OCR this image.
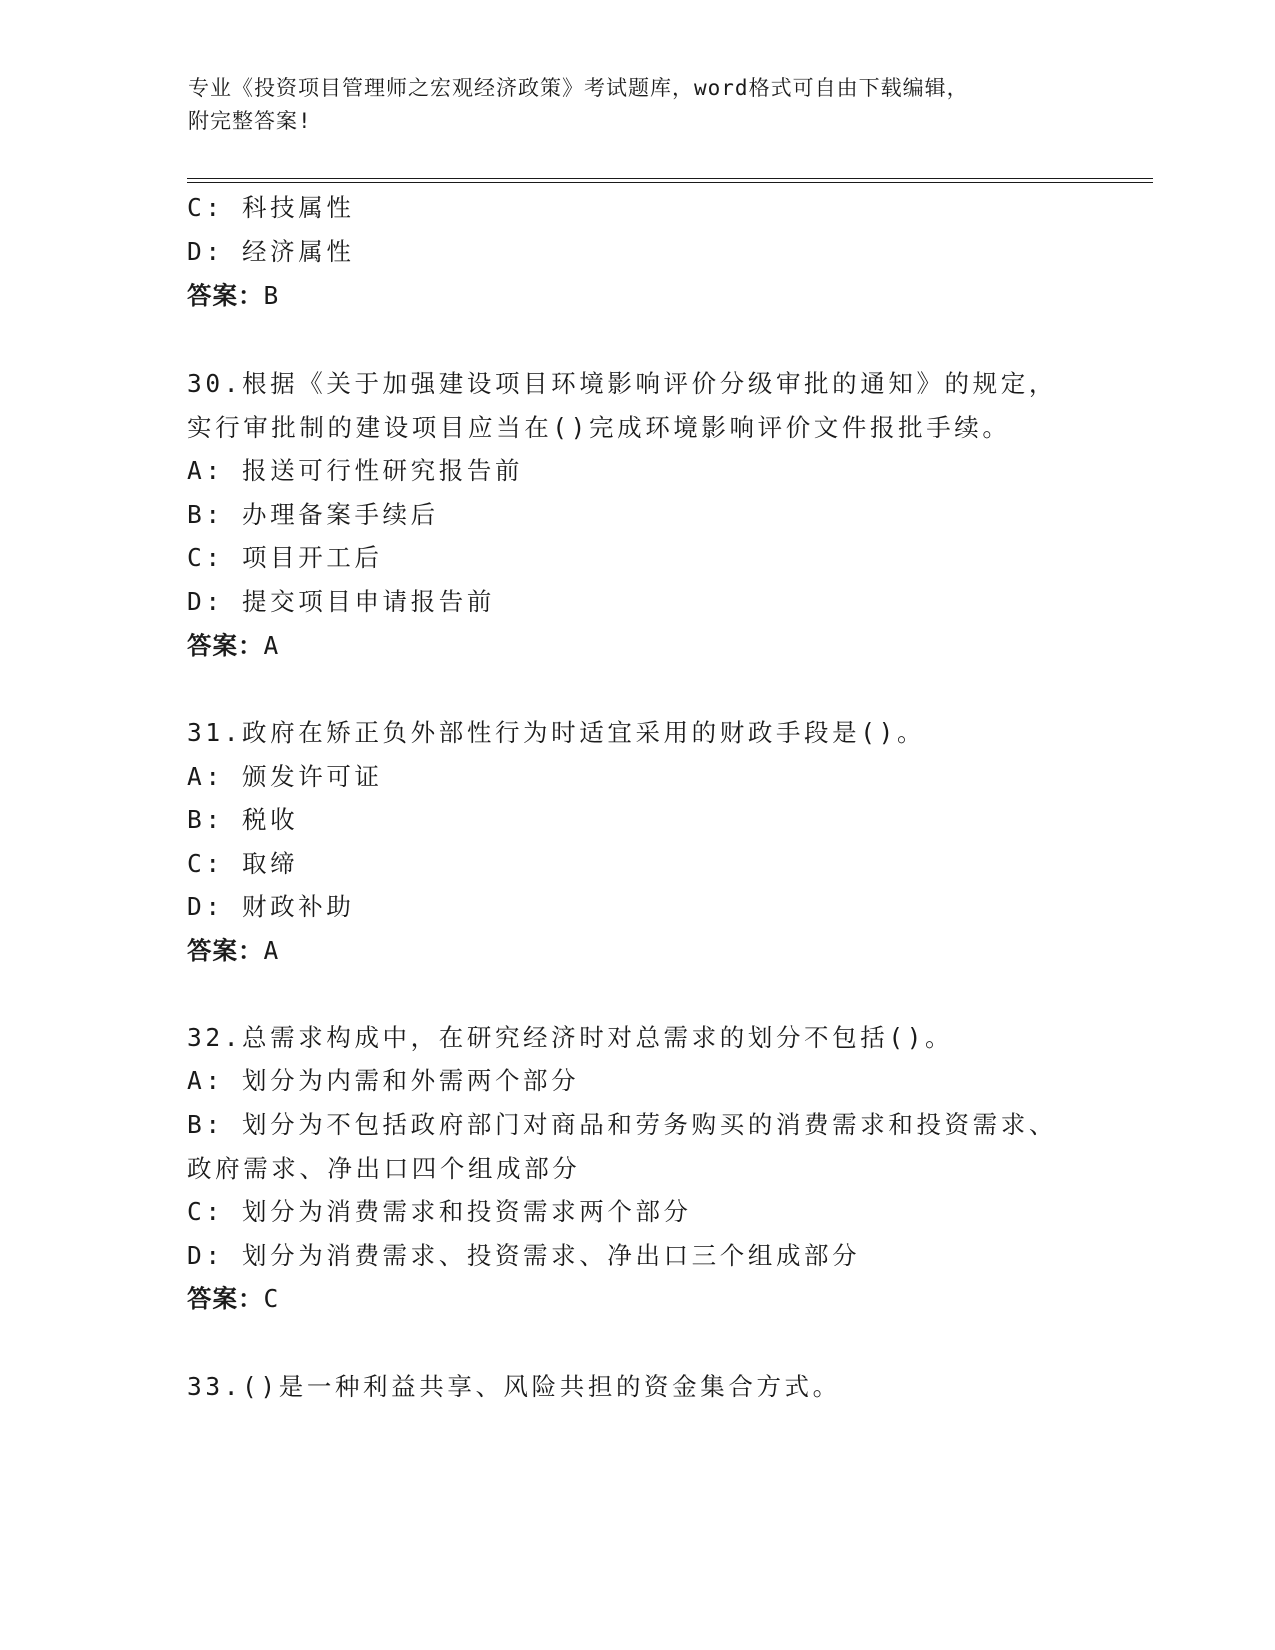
专业《投资项目管理师之宏观经济政策》考试题库，word格式可自由下载编辑，
附完整答案!
C: 科技属性
D: 经济属性
答案：B
30.根据《关于加强建设项目环境影响评价分级审批的通知》的规定，
实行审批制的建设项目应当在()完成环境影响评价文件报批手续。
A: 报送可行性研究报告前
B: 办理备案手续后
C: 项目开工后
D: 提交项目申请报告前
答案：A
31.政府在矫正负外部性行为时适宜采用的财政手段是()。
A: 颁发许可证
B: 税收
C: 取缔
D: 财政补助
答案：A
32.总需求构成中，在研究经济时对总需求的划分不包括()。
A: 划分为内需和外需两个部分
B: 划分为不包括政府部门对商品和劳务购买的消费需求和投资需求、
政府需求、净出口四个组成部分
C: 划分为消费需求和投资需求两个部分
D: 划分为消费需求、投资需求、净出口三个组成部分
答案：C
33.()是一种利益共享、风险共担的资金集合方式。
